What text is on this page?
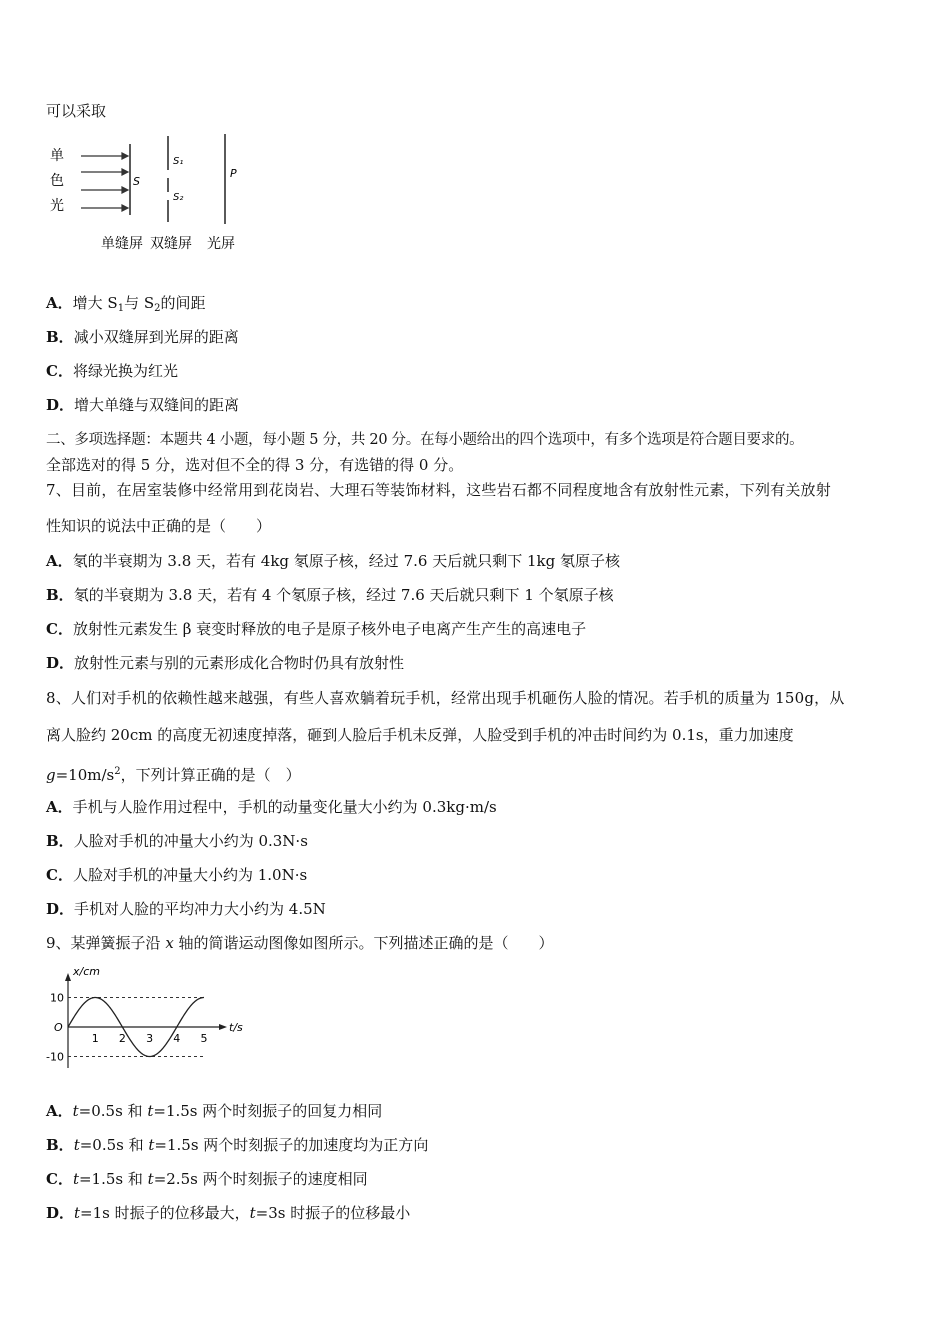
可以采取
单
色
光
S
S₁
S₂
P
单缝屏 双缝屏 光屏
A．增大 $S_1$与 $S_2$的间距
B．减小双缝屏到光屏的距离
C．将绿光换为红光
D．增大单缝与双缝间的距离
二、多项选择题：本题共 4 小题，每小题 5 分，共 20 分。在每小题给出的四个选项中，有多个选项是符合题目要求的。
全部选对的得 5 分，选对但不全的得 3 分，有选错的得 0 分。
7、目前，在居室装修中经常用到花岗岩、大理石等装饰材料，这些岩石都不同程度地含有放射性元素，下列有关放射
性知识的说法中正确的是（　　）
A．氡的半衰期为 3.8 天，若有 4kg 氡原子核，经过 7.6 天后就只剩下 1kg 氡原子核
B．氡的半衰期为 3.8 天，若有 4 个氡原子核，经过 7.6 天后就只剩下 1 个氡原子核
C．放射性元素发生 β 衰变时释放的电子是原子核外电子电离产生产生的高速电子
D．放射性元素与别的元素形成化合物时仍具有放射性
8、人们对手机的依赖性越来越强，有些人喜欢躺着玩手机，经常出现手机砸伤人脸的情况。若手机的质量为 150g，从
离人脸约 20cm 的高度无初速度掉落，砸到人脸后手机未反弹，人脸受到手机的冲击时间约为 0.1s，重力加速度
$g=10m/s^2$，下列计算正确的是（　）
A．手机与人脸作用过程中，手机的动量变化量大小约为 0.3kg·m/s
B．人脸对手机的冲量大小约为 0.3N·s
C．人脸对手机的冲量大小约为 1.0N·s
D．手机对人脸的平均冲力大小约为 4.5N
9、某弹簧振子沿 x 轴的简谐运动图像如图所示。下列描述正确的是（　　）
x/cm
t/s
O
10
-10
1 2 3 4 5
A．t=0.5s 和 t=1.5s 两个时刻振子的回复力相同
B．t=0.5s 和 t=1.5s 两个时刻振子的加速度均为正方向
C．t=1.5s 和 t=2.5s 两个时刻振子的速度相同
D．t=1s 时振子的位移最大，t=3s 时振子的位移最小
